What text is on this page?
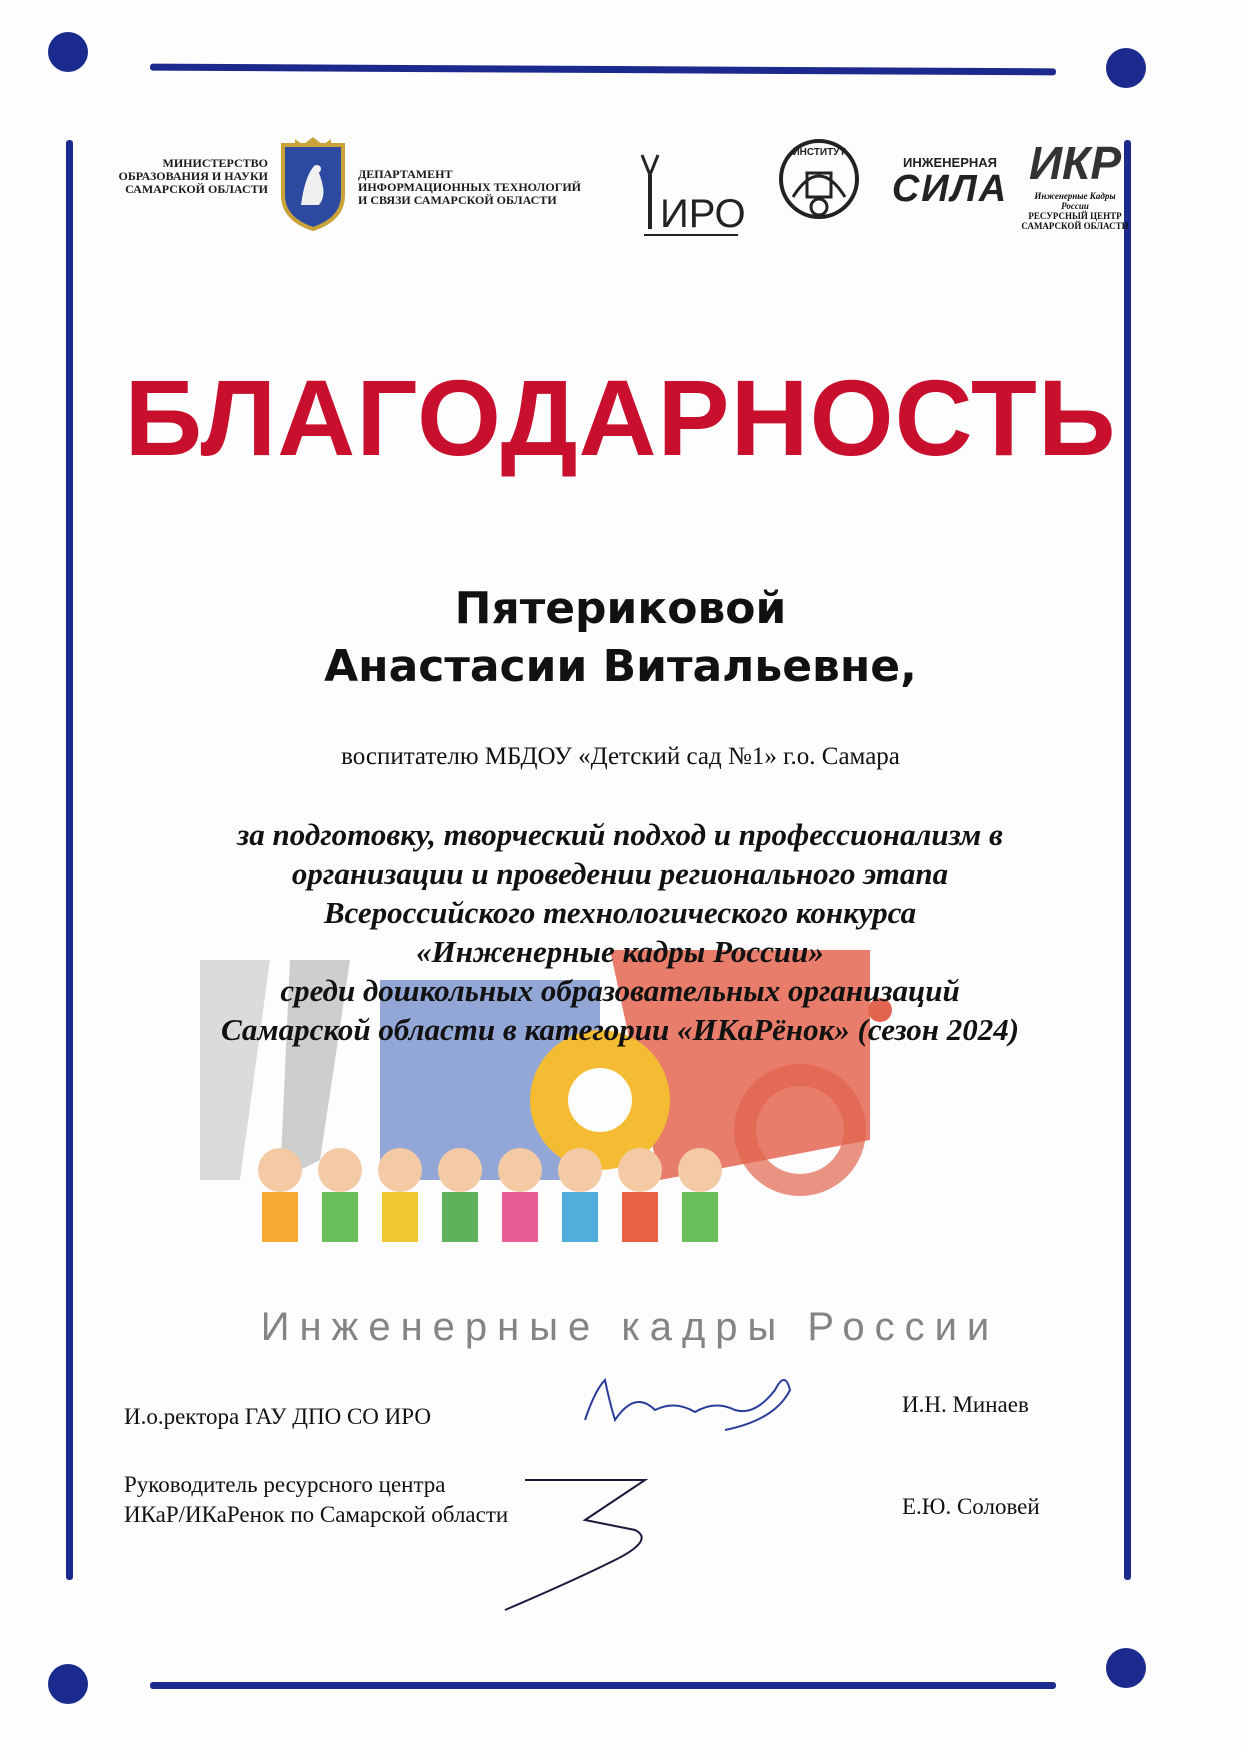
МИНИСТЕРСТВО
ОБРАЗОВАНИЯ И НАУКИ
САМАРСКОЙ ОБЛАСТИ
ДЕПАРТАМЕНТ
ИНФОРМАЦИОННЫХ ТЕХНОЛОГИЙ
И СВЯЗИ САМАРСКОЙ ОБЛАСТИ	ИРО
ИНСТИТУТ
ИНЖЕНЕРНАЯ
СИЛА ИКР
Инженерные Кадры России
РЕСУРСНЫЙ ЦЕНТР
САМАРСКОЙ ОБЛАСТИ
БЛАГОДАРНОСТЬ
Пятериковой
Анастасии Витальевне,
воспитателю МБДОУ «Детский сад №1» г.о. Самара
Инженерные кадры России
за подготовку, творческий подход и профессионализм в
организации и проведении регионального этапа
Всероссийского технологического конкурса
«Инженерные кадры России»
среди дошкольных образовательных организаций
Самарской области в категории «ИКаРёнок» (сезон 2024)
И.о.ректора ГАУ ДПО СО ИРО	И.Н. Минаев
Руководитель ресурсного центра
ИКаР/ИКаРенок по Самарской области	Е.Ю. Соловей
